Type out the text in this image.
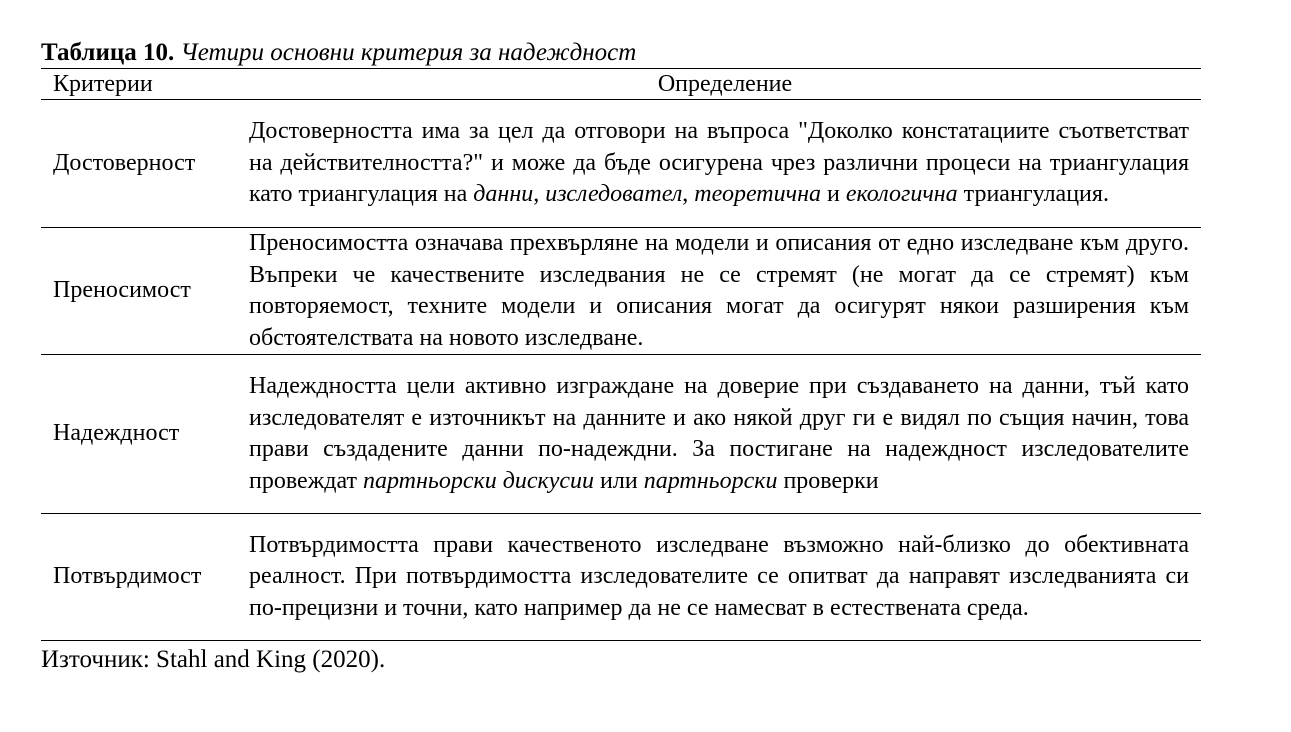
Таблица 10. Четири основни критерия за надеждност
Критерии	Определение
Достоверност	Достоверността има за цел да отговори на въпроса "Доколко констатациите съответстват на действителността?" и може да бъде осигурена чрез различни процеси на триангулация като триангулация на данни, изследовател, теоретична и екологична триангулация.
Преносимост	Преносимостта означава прехвърляне на модели и описания от едно изследване към друго. Въпреки че качествените изследвания не се стремят (не могат да се стремят) към повторяемост, техните модели и описания могат да осигурят някои разширения към обстоятелствата на новото изследване.
Надеждност	Надеждността цели активно изграждане на доверие при създаването на данни, тъй като изследователят е източникът на данните и ако някой друг ги е видял по същия начин, това прави създадените данни по-надеждни. За постигане на надеждност изследователите провеждат партньорски дискусии или партньорски проверки
Потвърдимост	Потвърдимостта прави качественото изследване възможно най-близко до обективната реалност. При потвърдимостта изследователите се опитват да направят изследванията си по-прецизни и точни, като например да не се намесват в естествената среда.
Източник: Stahl and King (2020).
